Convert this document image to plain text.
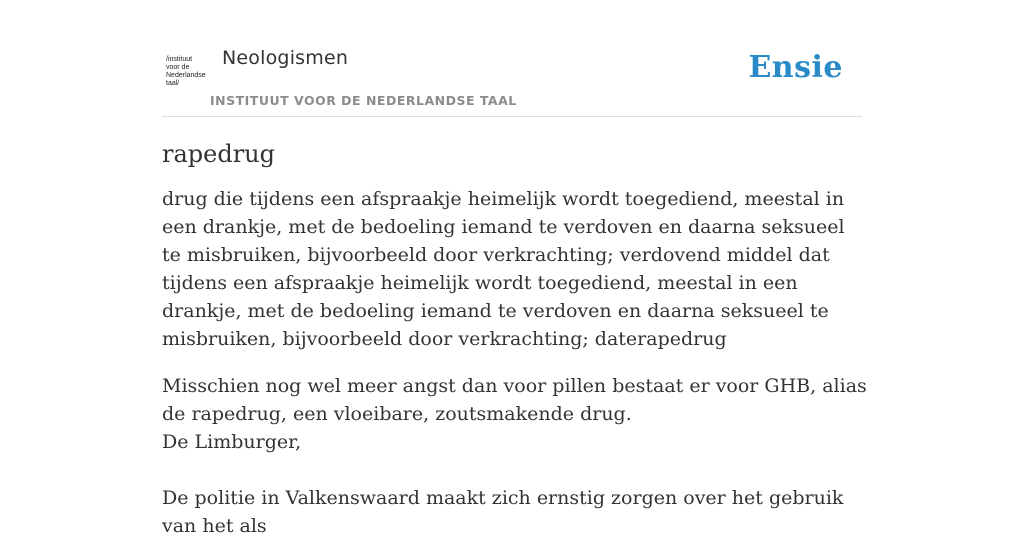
/instituut
voor de
Nederlandse
taal/
Neologismen
INSTITUUT VOOR DE NEDERLANDSE TAAL
Ensie
rapedrug

drug die tijdens een afspraakje heimelijk wordt toegediend, meestal in een drankje, met de bedoeling iemand te verdoven en daarna seksueel te misbruiken, bijvoorbeeld door verkrachting; verdovend middel dat tijdens een afspraakje heimelijk wordt toegediend, meestal in een drankje, met de bedoeling iemand te verdoven en daarna seksueel te misbruiken, bijvoorbeeld door verkrachting; daterapedrug

Misschien nog wel meer angst dan voor pillen bestaat er voor GHB, alias de rapedrug, een vloeibare, zoutsmakende drug.
De Limburger,
De politie in Valkenswaard maakt zich ernstig zorgen over het gebruik van het als
